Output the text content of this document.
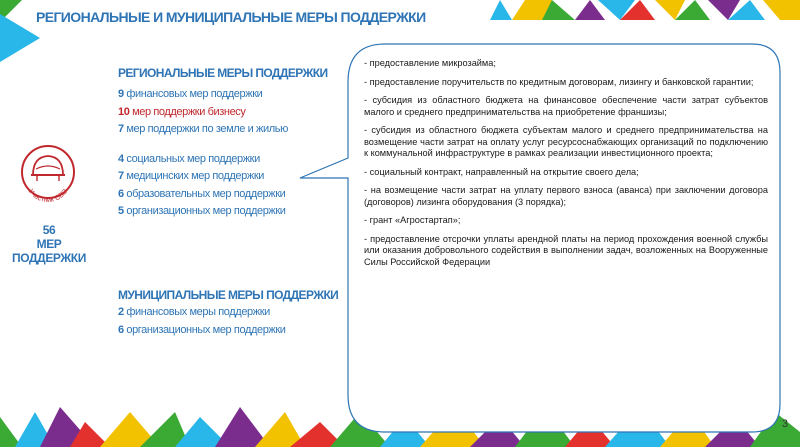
РЕГИОНАЛЬНЫЕ И МУНИЦИПАЛЬНЫЕ МЕРЫ ПОДДЕРЖКИ
РЕГИОНАЛЬНЫЕ МЕРЫ ПОДДЕРЖКИ
9 финансовых мер поддержки
10 мер поддержки бизнесу
7 мер поддержки по земле и жилью
4 социальных мер поддержки
7 медицинских мер поддержки
6 образовательных мер поддержки
5 организационных мер поддержки
Участник СВО
56
МЕР
ПОДДЕРЖКИ
МУНИЦИПАЛЬНЫЕ МЕРЫ ПОДДЕРЖКИ
2 финансовых меры поддержки
6 организационных мер поддержки

- предоставление микрозайма;

- предоставление поручительств по кредитным договорам, лизингу и банковской гарантии;

- субсидия из областного бюджета на финансовое обеспечение части затрат субъектов малого и среднего предпринимательства на приобретение франшизы;

- субсидия из областного бюджета субъектам малого и среднего предпринимательства на возмещение части затрат на оплату услуг ресурсоснабжающих организаций по подключению к коммунальной инфраструктуре в рамках реализации инвестиционного проекта;

- социальный контракт, направленный на открытие своего дела;

- на возмещение части затрат на уплату первого взноса (аванса) при заключении договора (договоров) лизинга оборудования (3 порядка);

- грант «Агростартап»;

- предоставление отсрочки уплаты арендной платы на период прохождения военной службы или оказания добровольного содействия в выполнении задач, возложенных на Вооруженные Силы Российской Федерации

3
